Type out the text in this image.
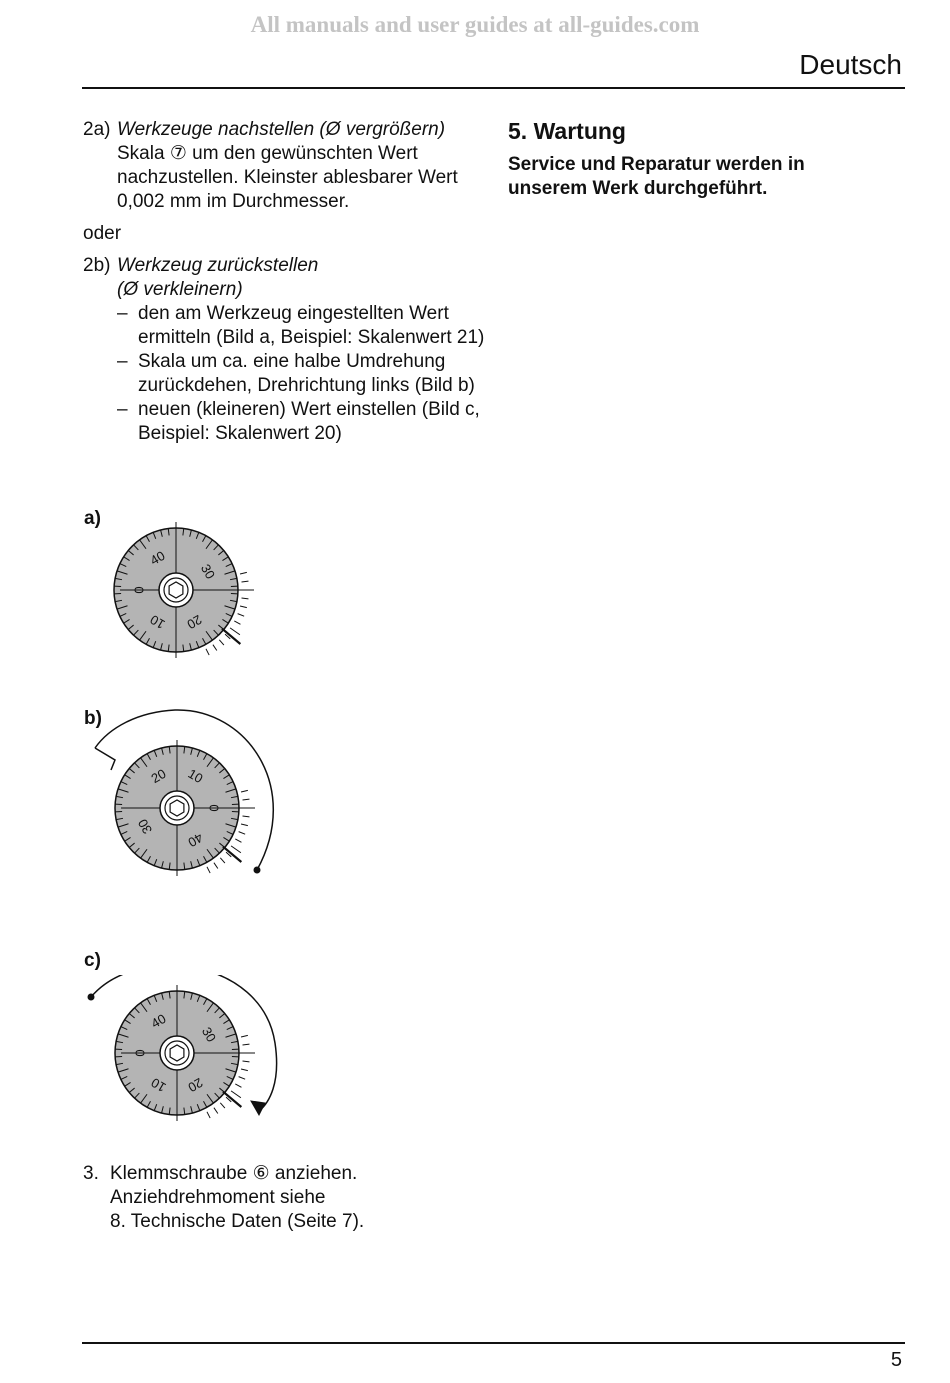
All manuals and user guides at all-guides.com
Deutsch
2a) Werkzeuge nachstellen (Ø vergrößern)
Skala ⑦ um den gewünschten Wert nachzustellen. Kleinster ablesbarer Wert 0,002 mm im Durchmesser.
oder
2b) Werkzeug zurückstellen
(Ø verkleinern)
– den am Werkzeug eingestellten Wert ermitteln (Bild a, Beispiel: Skalenwert 21)
– Skala um ca. eine halbe Umdrehung zurückdehen, Drehrichtung links (Bild b)
– neuen (kleineren) Wert einstellen (Bild c, Beispiel: Skalenwert 20)
a)
0
10 20
30
40
b)
0
10
20
30
40
c)
0
10 20
30
40
3. Klemmschraube ⑥ anziehen.
Anziehdrehmoment siehe
8. Technische Daten (Seite 7).
5. Wartung

Service und Reparatur werden in unserem Werk durchgeführt.

5
